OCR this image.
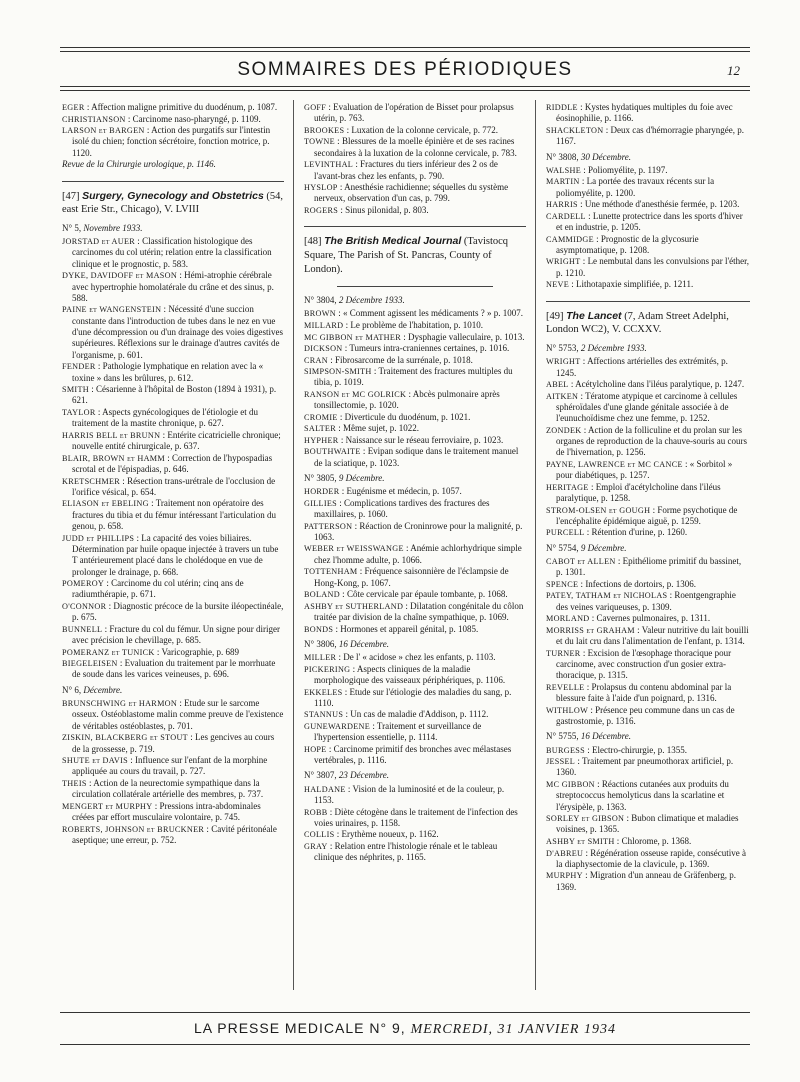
SOMMAIRES DES PÉRIODIQUES	12
EGER : Affection maligne primitive du duodénum, p. 1087.
CHRISTIANSON : Carcinome naso-pharyngé, p. 1109.
LARSON et BARGEN : Action des purgatifs sur l'intestin isolé du chien; fonction sécrétoire, fonction motrice, p. 1120.
Revue de la Chirurgie urologique, p. 1146.
[47] Surgery, Gynecology and Obstetrics (54, east Erie Str., Chicago), V. LVIII
N° 5, Novembre 1933.
JORSTAD et AUER : Classification histologique des carcinomes du col utérin; relation entre la classification clinique et le prognostic, p. 583.
DYKE, DAVIDOFF et MASON : Hémi-atrophie cérébrale avec hypertrophie homolatérale du crâne et des sinus, p. 588.
PAINE et WANGENSTEIN : Nécessité d'une succion constante dans l'introduction de tubes dans le nez en vue d'une décompression ou d'un drainage des voies digestives supérieures. Réflexions sur le drainage d'autres cavités de l'organisme, p. 601.
FENDER : Pathologie lymphatique en relation avec la « toxine » dans les brûlures, p. 612.
SMITH : Césarienne à l'hôpital de Boston (1894 à 1931), p. 621.
TAYLOR : Aspects gynécologiques de l'étiologie et du traitement de la mastite chronique, p. 627.
HARRIS BELL et BRUNN : Entérite cicatricielle chronique; nouvelle entité chirurgicale, p. 637.
BLAIR, BROWN et HAMM : Correction de l'hypospadias scrotal et de l'épispadias, p. 646.
KRETSCHMER : Résection trans-urétrale de l'occlusion de l'orifice vésical, p. 654.
ELIASON et EBELING : Traitement non opératoire des fractures du tibia et du fémur intéressant l'articulation du genou, p. 658.
JUDD et PHILLIPS : La capacité des voies biliaires. Détermination par huile opaque injectée à travers un tube T antérieurement placé dans le cholédoque en vue de prolonger le drainage, p. 668.
POMEROY : Carcinome du col utérin; cinq ans de radiumthérapie, p. 671.
O'CONNOR : Diagnostic précoce de la bursite iléopectinéale, p. 675.
BUNNELL : Fracture du col du fémur. Un signe pour diriger avec précision le chevillage, p. 685.
POMERANZ et TUNICK : Varicographie, p. 689
BIEGELEISEN : Evaluation du traitement par le morrhuate de soude dans les varices veineuses, p. 696.
N° 6, Décembre.
BRUNSCHWING et HARMON : Etude sur le sarcome osseux. Ostéoblastome malin comme preuve de l'existence de véritables ostéoblastes, p. 701.
ZISKIN, BLACKBERG et STOUT : Les gencives au cours de la grossesse, p. 719.
SHUTE et DAVIS : Influence sur l'enfant de la morphine appliquée au cours du travail, p. 727.
THEIS : Action de la neurectomie sympathique dans la circulation collatérale artérielle des membres, p. 737.
MENGERT et MURPHY : Pressions intra-abdominales créées par effort musculaire volontaire, p. 745.
ROBERTS, JOHNSON et BRUCKNER : Cavité péritonéale aseptique; une erreur, p. 752.
GOFF : Evaluation de l'opération de Bisset pour prolapsus utérin, p. 763.
BROOKES : Luxation de la colonne cervicale, p. 772.
TOWNE : Blessures de la moelle épinière et de ses racines secondaires à la luxation de la colonne cervicale, p. 783.
LEVINTHAL : Fractures du tiers inférieur des 2 os de l'avant-bras chez les enfants, p. 790.
HYSLOP : Anesthésie rachidienne; séquelles du système nerveux, observation d'un cas, p. 799.
ROGERS : Sinus pilonidal, p. 803.
[48] The British Medical Journal (Tavistocq Square, The Parish of St. Pancras, County of London).
N° 3804, 2 Décembre 1933.
BROWN : « Comment agissent les médicaments ? » p. 1007.
MILLARD : Le problème de l'habitation, p. 1010.
MC GIBBON et MATHER : Dysphagie valleculaire, p. 1013.
DICKSON : Tumeurs intra-craniennes certaines, p. 1016.
CRAN : Fibrosarcome de la surrénale, p. 1018.
SIMPSON-SMITH : Traitement des fractures multiples du tibia, p. 1019.
RANSON et MC GOLRICK : Abcès pulmonaire après tonsillectomie, p. 1020.
CROMIE : Diverticule du duodénum, p. 1021.
SALTER : Même sujet, p. 1022.
HYPHER : Naissance sur le réseau ferroviaire, p. 1023.
BOUTHWAITE : Evipan sodique dans le traitement manuel de la sciatique, p. 1023.
N° 3805, 9 Décembre.
HORDER : Eugénisme et médecin, p. 1057.
GILLIES : Complications tardives des fractures des maxillaires, p. 1060.
PATTERSON : Réaction de Croninrowe pour la malignité, p. 1063.
WEBER et WEISSWANGE : Anémie achlorhydrique simple chez l'homme adulte, p. 1066.
TOTTENHAM : Fréquence saisonnière de l'éclampsie de Hong-Kong, p. 1067.
BOLAND : Côte cervicale par épaule tombante, p. 1068.
ASHBY et SUTHERLAND : Dilatation congénitale du côlon traitée par division de la chaîne sympathique, p. 1069.
BONDS : Hormones et appareil génital, p. 1085.
N° 3806, 16 Décembre.
MILLER : De l' « acidose » chez les enfants, p. 1103.
PICKERING : Aspects cliniques de la maladie morphologique des vaisseaux périphériques, p. 1106.
EKKELES : Etude sur l'étiologie des maladies du sang, p. 1110.
STANNUS : Un cas de maladie d'Addison, p. 1112.
GUNEWARDENE : Traitement et surveillance de l'hypertension essentielle, p. 1114.
HOPE : Carcinome primitif des bronches avec mélastases vertébrales, p. 1116.
N° 3807, 23 Décembre.
HALDANE : Vision de la luminosité et de la couleur, p. 1153.
ROBB : Diète cétogène dans le traitement de l'infection des voies urinaires, p. 1158.
COLLIS : Erythème noueux, p. 1162.
GRAY : Relation entre l'histologie rénale et le tableau clinique des néphrites, p. 1165.
RIDDLE : Kystes hydatiques multiples du foie avec éosinophilie, p. 1166.
SHACKLETON : Deux cas d'hémorragie pharyngée, p. 1167.
N° 3808, 30 Décembre.
WALSHE : Poliomyélite, p. 1197.
MARTIN : La portée des travaux récents sur la poliomyélite, p. 1200.
HARRIS : Une méthode d'anesthésie fermée, p. 1203.
CARDELL : Lunette protectrice dans les sports d'hiver et en industrie, p. 1205.
CAMMIDGE : Prognostic de la glycosurie asymptomatique, p. 1208.
WRIGHT : Le nembutal dans les convulsions par l'éther, p. 1210.
NEVE : Lithotapaxie simplifiée, p. 1211.
[49] The Lancet (7, Adam Street Adelphi, London WC2), V. CCXXV.
N° 5753, 2 Décembre 1933.
WRIGHT : Affections artérielles des extrémités, p. 1245.
ABEL : Acétylcholine dans l'iléus paralytique, p. 1247.
AITKEN : Tératome atypique et carcinome à cellules sphéroïdales d'une glande génitale associée à de l'eunuchoïdisme chez une femme, p. 1252.
ZONDEK : Action de la folliculine et du prolan sur les organes de reproduction de la chauve-souris au cours de l'hivernation, p. 1256.
PAYNE, LAWRENCE et MC CANCE : « Sorbitol » pour diabétiques, p. 1257.
HERITAGE : Emploi d'acétylcholine dans l'iléus paralytique, p. 1258.
STROM-OLSEN et GOUGH : Forme psychotique de l'encéphalite épidémique aiguë, p. 1259.
PURCELL : Rétention d'urine, p. 1260.
N° 5754, 9 Décembre.
CABOT et ALLEN : Epithéliome primitif du bassinet, p. 1301.
SPENCE : Infections de dortoirs, p. 1306.
PATEY, TATHAM et NICHOLAS : Roentgengraphie des veines variqueuses, p. 1309.
MORLAND : Cavernes pulmonaires, p. 1311.
MORRISS et GRAHAM : Valeur nutritive du lait bouilli et du lait cru dans l'alimentation de l'enfant, p. 1314.
TURNER : Excision de l'œsophage thoracique pour carcinome, avec construction d'un gosier extra-thoracique, p. 1315.
REVELLE : Prolapsus du contenu abdominal par la blessure faite à l'aide d'un poignard, p. 1316.
WITHLOW : Présence peu commune dans un cas de gastrostomie, p. 1316.
N° 5755, 16 Décembre.
BURGESS : Electro-chirurgie, p. 1355.
JESSEL : Traitement par pneumothorax artificiel, p. 1360.
MC GIBBON : Réactions cutanées aux produits du streptococcus hemolyticus dans la scarlatine et l'érysipèle, p. 1363.
SORLEY et GIBSON : Bubon climatique et maladies voisines, p. 1365.
ASHBY et SMITH : Chlorome, p. 1368.
D'ABREU : Régénération osseuse rapide, consécutive à la diaphysectomie de la clavicule, p. 1369.
MURPHY : Migration d'un anneau de Gräfenberg, p. 1369.
LA PRESSE MEDICALE N° 9, MERCREDI, 31 JANVIER 1934
